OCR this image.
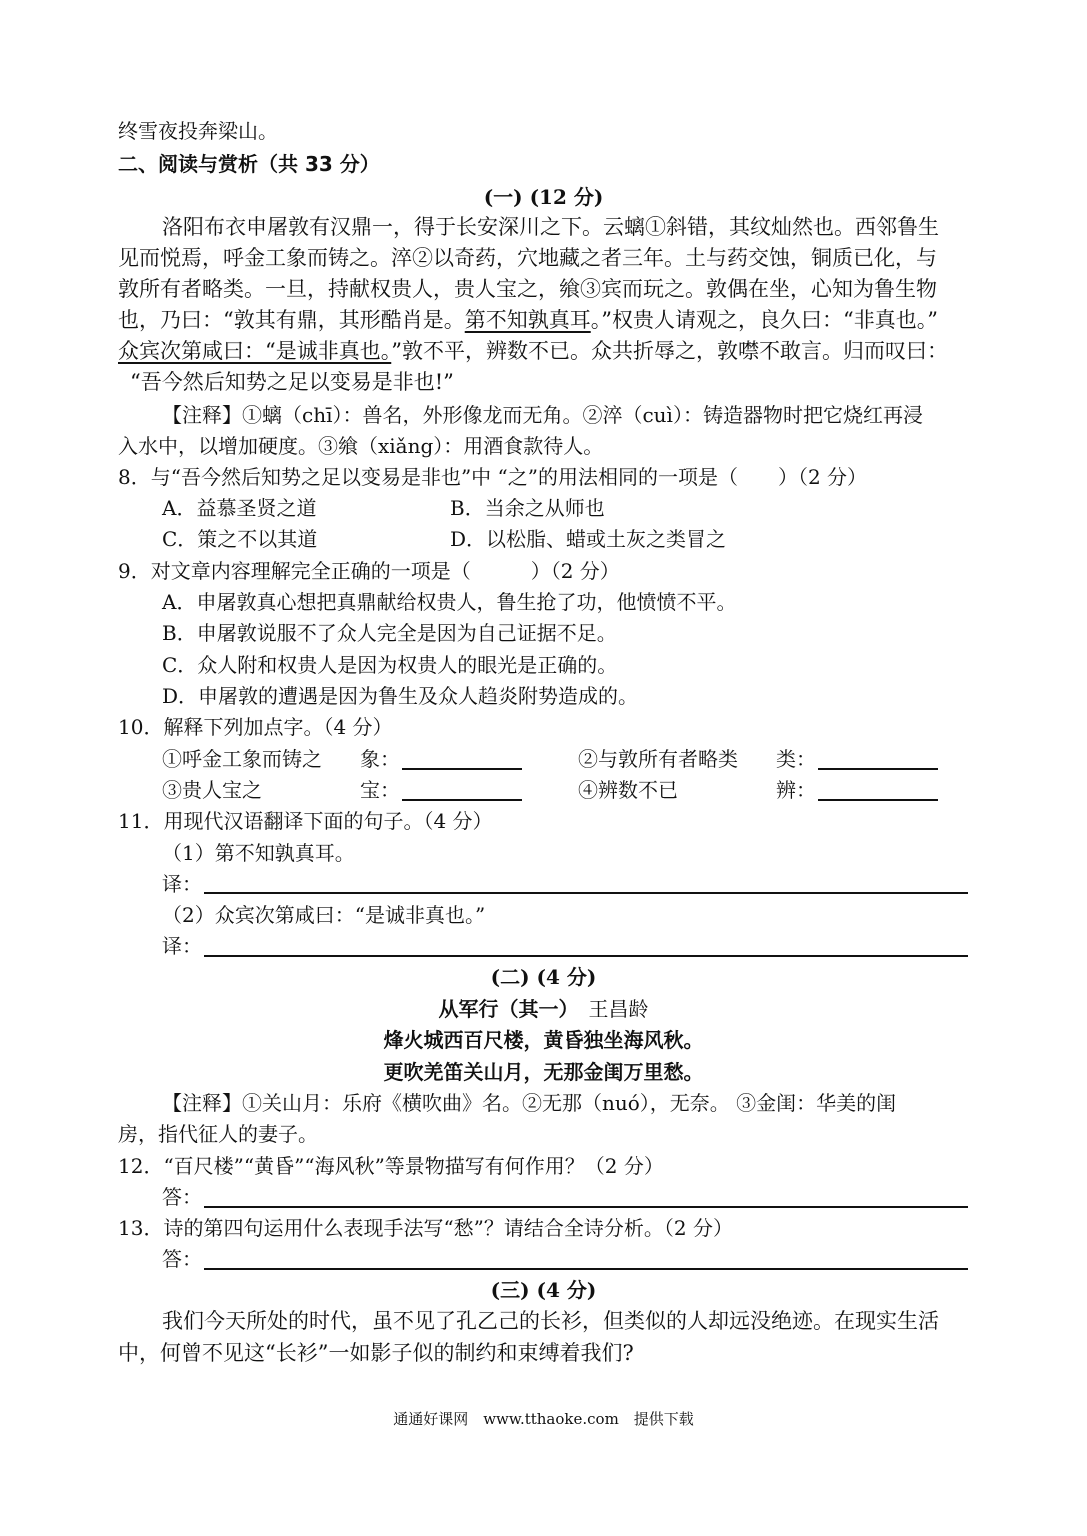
终雪夜投奔梁山。
二、阅读与赏析（共 33 分）
(一) (12 分)
洛阳布衣申屠敦有汉鼎一，得于长安深川之下。云螭①斜错，其纹灿然也。西邻鲁生
见而悦焉，呼金工象而铸之。淬②以奇药，穴地藏之者三年。土与药交蚀，铜质已化，与
敦所有者略类。一旦，持献权贵人，贵人宝之，飨③宾而玩之。敦偶在坐，心知为鲁生物
也，乃曰：“敦其有鼎，其形酷肖是。第不知孰真耳。”权贵人请观之，良久曰：“非真也。”
众宾次第咸曰：“是诚非真也。”敦不平，辨数不已。众共折辱之，敦噤不敢言。归而叹曰：
“吾今然后知势之足以变易是非也!”
【注释】①螭（chī）：兽名，外形像龙而无角。②淬（cuì）：铸造器物时把它烧红再浸
入水中，以增加硬度。③飨（xiǎng）：用酒食款待人。
8．与“吾今然后知势之足以变易是非也”中 “之”的用法相同的一项是（　　）（2 分）
A．益慕圣贤之道	B．当余之从师也
C．策之不以其道	D．以松脂、蜡或土灰之类冒之
9．对文章内容理解完全正确的一项是（　　　）（2 分）
A．申屠敦真心想把真鼎献给权贵人，鲁生抢了功，他愤愤不平。
B．申屠敦说服不了众人完全是因为自己证据不足。
C．众人附和权贵人是因为权贵人的眼光是正确的。
D．申屠敦的遭遇是因为鲁生及众人趋炎附势造成的。
10．解释下列加点字。（4 分）
①呼金工象而铸之 象：	②与敦所有者略类 类：
③贵人宝之	宝：	④辨数不已	辨：
11．用现代汉语翻译下面的句子。（4 分）
（1）第不知孰真耳。
译：
（2）众宾次第咸曰：“是诚非真也。”
译：
(二) (4 分)
从军行（其一）　 王昌龄
烽火城西百尺楼，黄昏独坐海风秋。
更吹羌笛关山月，无那金闺万里愁。
【注释】①关山月：乐府《横吹曲》名。②无那（nuó），无奈。 ③金闺：华美的闺
房，指代征人的妻子。
12．“百尺楼”“黄昏”“海风秋”等景物描写有何作用？（2 分）
答：
13．诗的第四句运用什么表现手法写“愁”？请结合全诗分析。（2 分）
答：
(三) (4 分)
我们今天所处的时代，虽不见了孔乙己的长衫，但类似的人却远没绝迹。在现实生活
中，何曾不见这“长衫”一如影子似的制约和束缚着我们?
通通好课网　www.tthaoke.com　提供下载
